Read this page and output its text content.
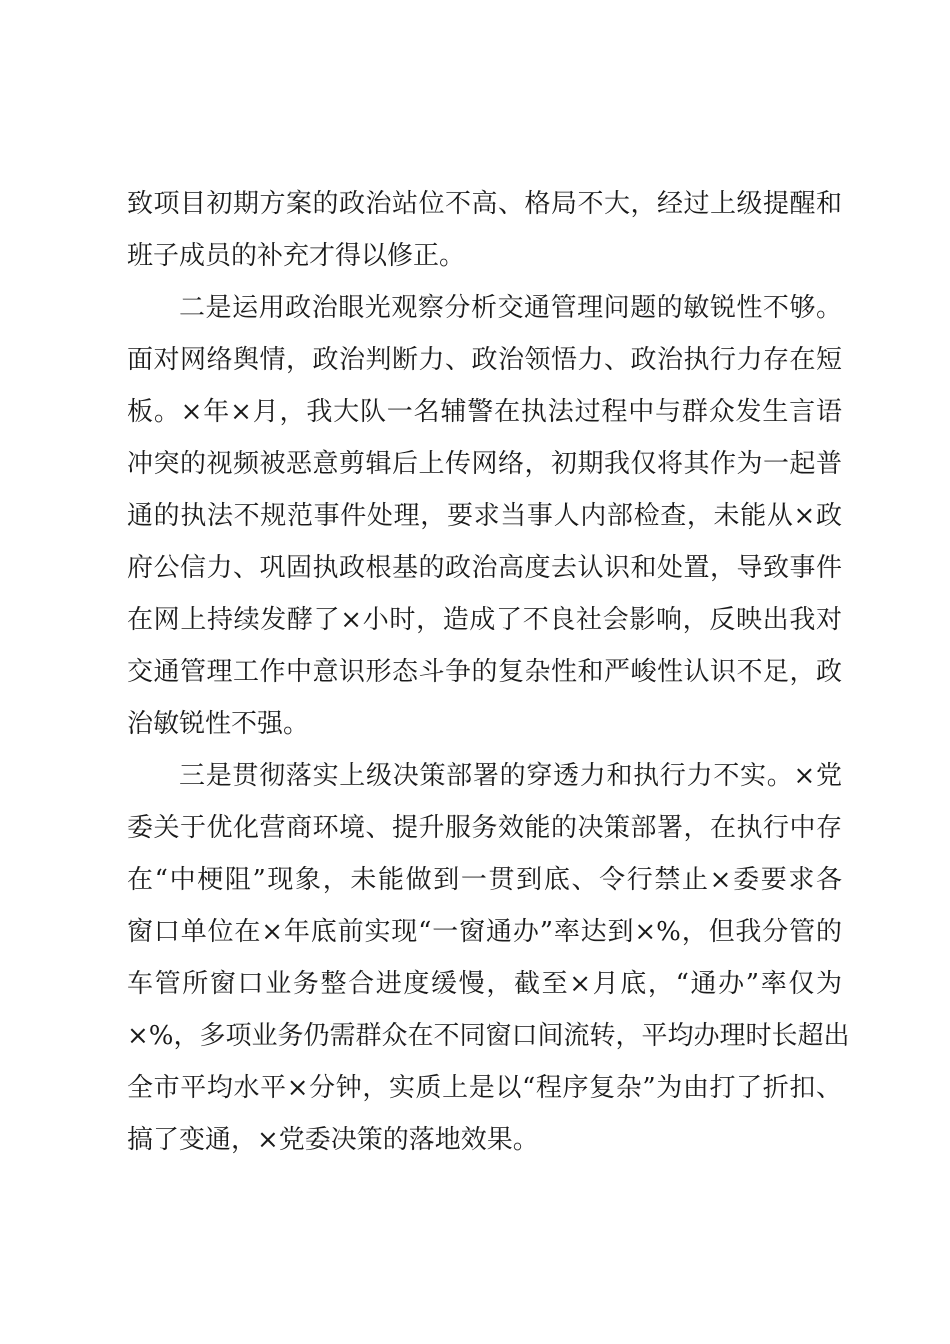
致项目初期方案的政治站位不高、格局不大，经过上级提醒和
班子成员的补充才得以修正。
二是运用政治眼光观察分析交通管理问题的敏锐性不够。
面对网络舆情，政治判断力、政治领悟力、政治执行力存在短
板。×年×月，我大队一名辅警在执法过程中与群众发生言语
冲突的视频被恶意剪辑后上传网络，初期我仅将其作为一起普
通的执法不规范事件处理，要求当事人内部检查，未能从×政
府公信力、巩固执政根基的政治高度去认识和处置，导致事件
在网上持续发酵了×小时，造成了不良社会影响，反映出我对
交通管理工作中意识形态斗争的复杂性和严峻性认识不足，政
治敏锐性不强。
三是贯彻落实上级决策部署的穿透力和执行力不实。×党
委关于优化营商环境、提升服务效能的决策部署，在执行中存
在“中梗阻”现象，未能做到一贯到底、令行禁止×委要求各
窗口单位在×年底前实现“一窗通办”率达到×%，但我分管的
车管所窗口业务整合进度缓慢，截至×月底，“通办”率仅为
×%，多项业务仍需群众在不同窗口间流转，平均办理时长超出
全市平均水平×分钟，实质上是以“程序复杂”为由打了折扣、
搞了变通，×党委决策的落地效果。
